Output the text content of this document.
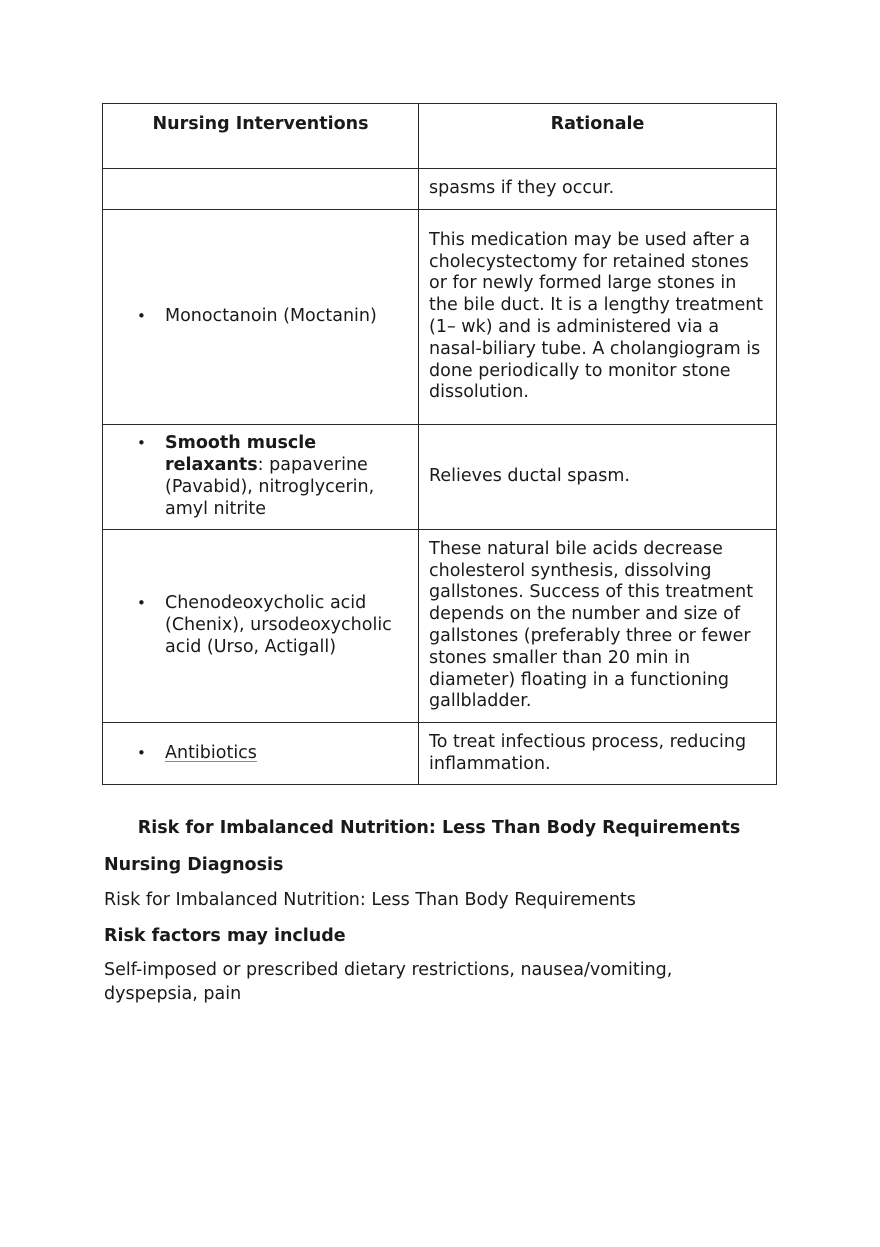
Nursing Interventions	Rationale
	spasms if they occur.

• Monoctanoin (Moctanin)	This medication may be used after a cholecystectomy for retained stones or for newly formed large stones in the bile duct. It is a lengthy treatment (1– wk) and is administered via a nasal-biliary tube. A cholangiogram is done periodically to monitor stone dissolution.

• Smooth muscle relaxants: papaverine (Pavabid), nitroglycerin, amyl nitrite	Relieves ductal spasm.

• Chenodeoxycholic acid (Chenix), ursodeoxycholic acid (Urso, Actigall)	These natural bile acids decrease cholesterol synthesis, dissolving gallstones. Success of this treatment depends on the number and size of gallstones (preferably three or fewer stones smaller than 20 min in diameter) floating in a functioning gallbladder.

• Antibiotics	To treat infectious process, reducing inflammation.
Risk for Imbalanced Nutrition: Less Than Body Requirements
Nursing Diagnosis
Risk for Imbalanced Nutrition: Less Than Body Requirements
Risk factors may include
Self-imposed or prescribed dietary restrictions, nausea/vomiting, dyspepsia, pain
